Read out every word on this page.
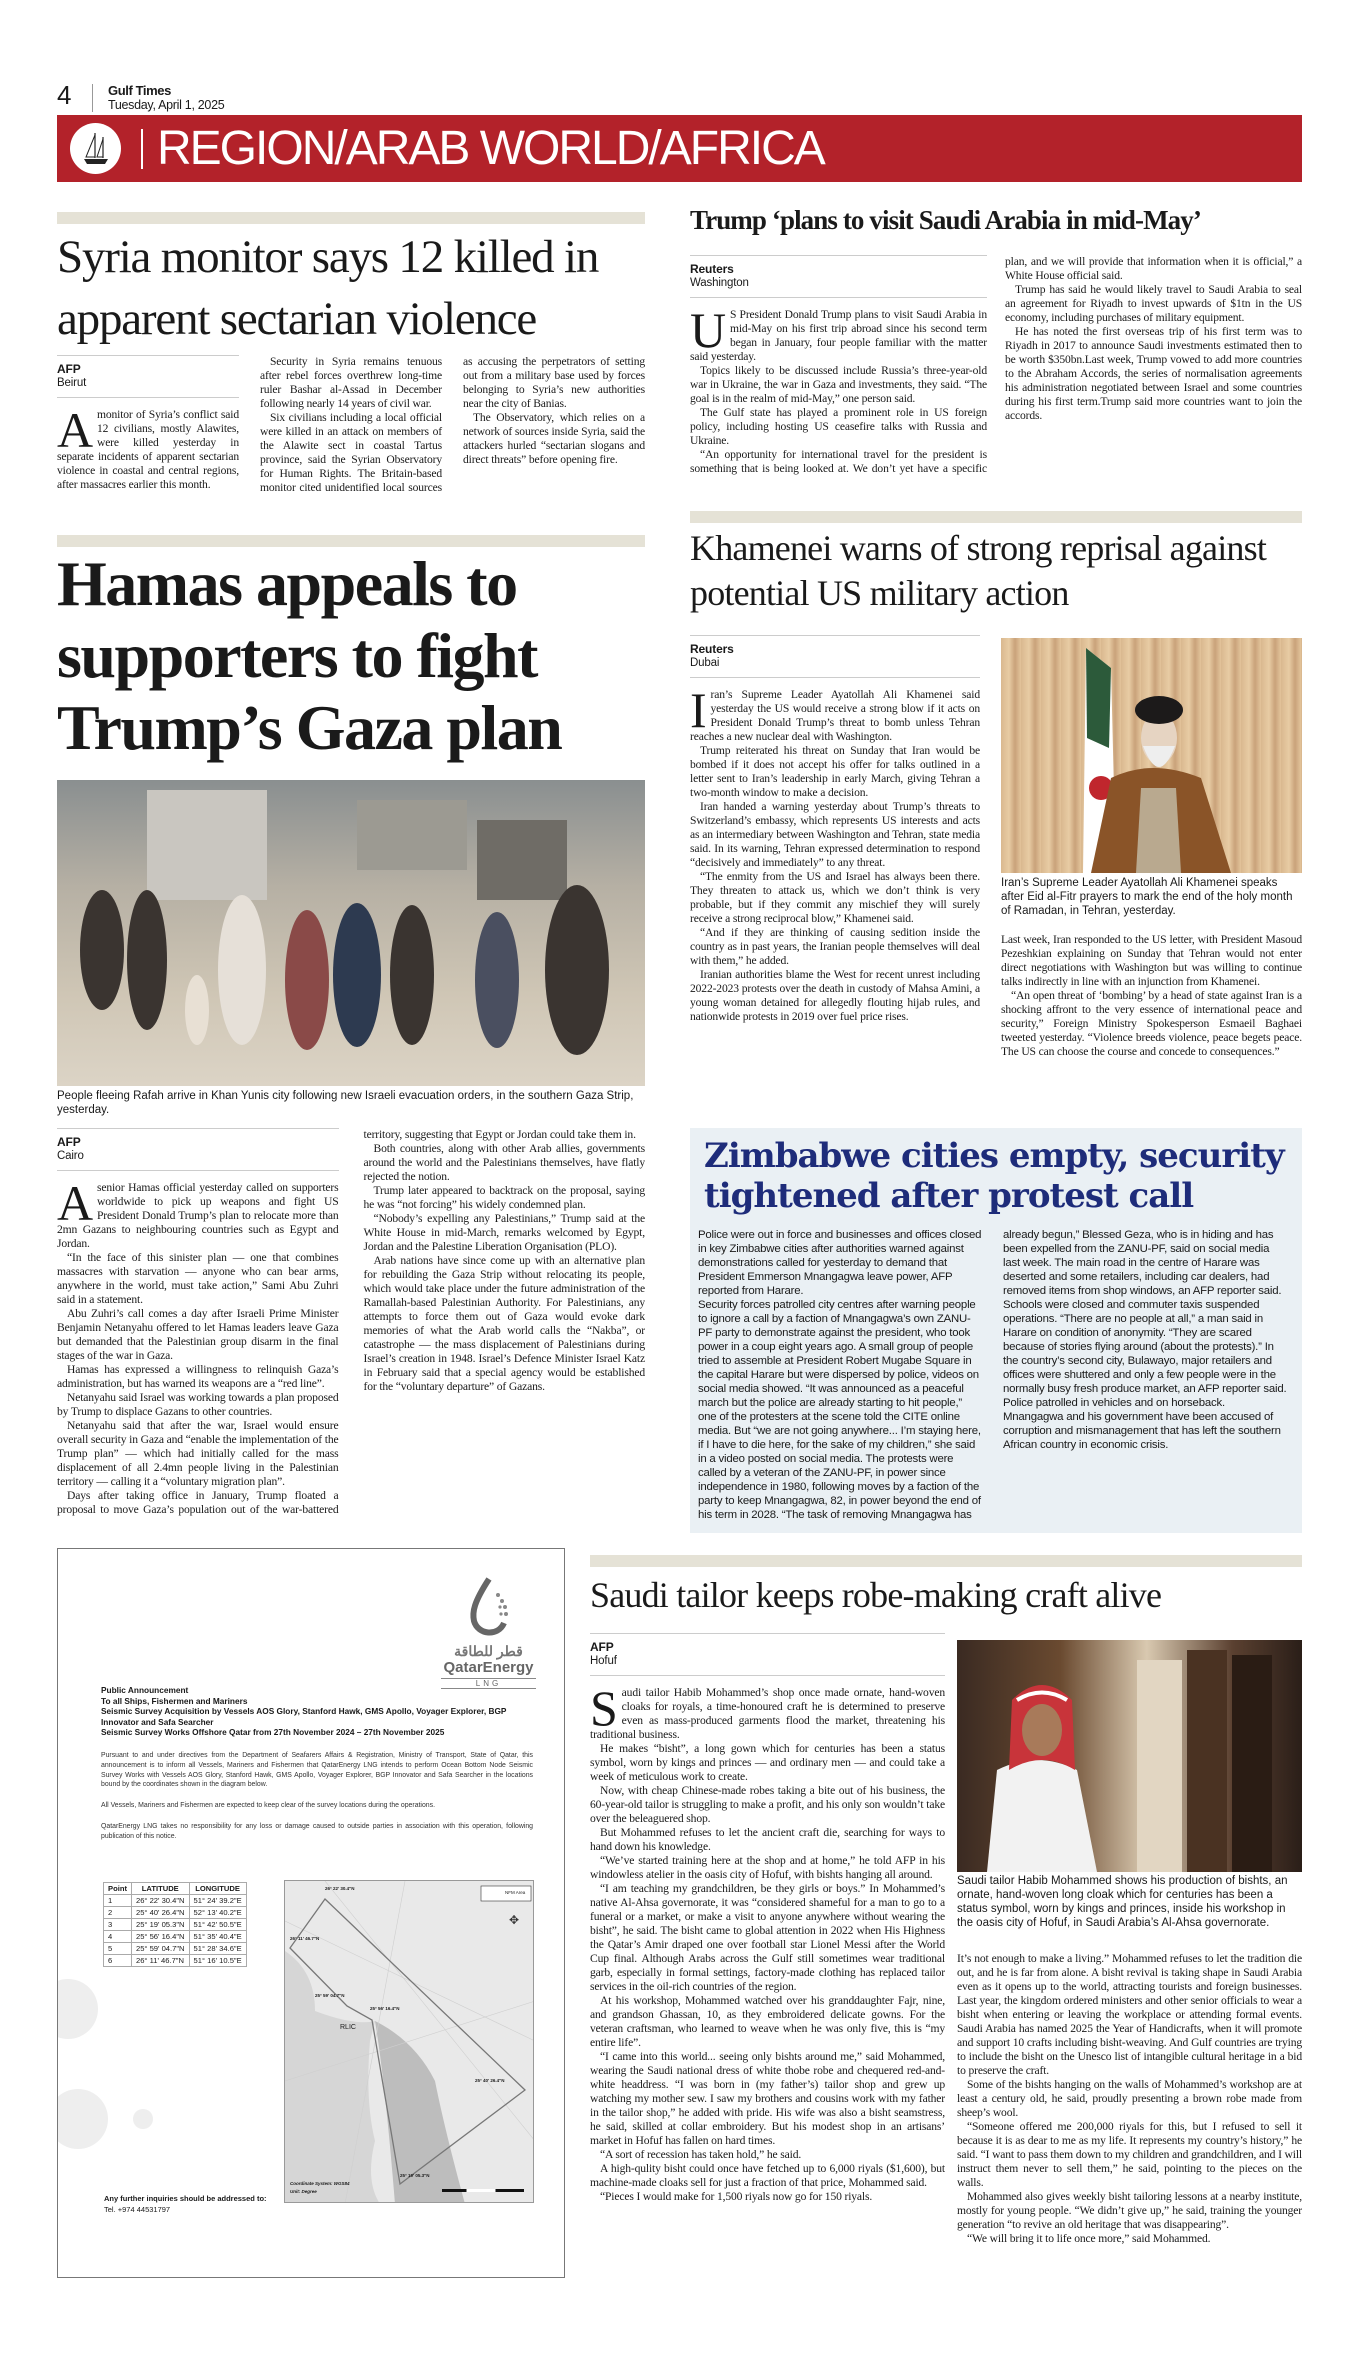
4	Gulf Times
Tuesday, April 1, 2025
REGION/ARAB WORLD/AFRICA
Syria monitor says 12 killed in apparent sectarian violence
AFP
Beirut

Amonitor of Syria’s conflict said 12 civilians, mostly Alawites, were killed yesterday in separate incidents of apparent sectarian violence in coastal and central regions, after massacres earlier this month.

Security in Syria remains tenuous after rebel forces overthrew long-time ruler Bashar al-Assad in December following nearly 14 years of civil war.

Six civilians including a local official were killed in an attack on members of the Alawite sect in coastal Tartus province, said the Syrian Observatory for Human Rights. The Britain-based monitor cited unidentified local sources as accusing the perpetrators of setting out from a military base used by forces belonging to Syria’s new authorities near the city of Banias.

The Observatory, which relies on a network of sources inside Syria, said the attackers hurled “sectarian slogans and direct threats” before opening fire.

Trump ‘plans to visit Saudi Arabia in mid-May’
Reuters
Washington

US President Donald Trump plans to visit Saudi Arabia in mid-May on his first trip abroad since his second term began in January, four people familiar with the matter said yesterday.

Topics likely to be discussed include Russia’s three-year-old war in Ukraine, the war in Gaza and investments, they said. “The goal is in the realm of mid-May,” one person said.

The Gulf state has played a prominent role in US foreign policy, including hosting US ceasefire talks with Russia and Ukraine.

“An opportunity for international travel for the president is something that is being looked at. We don’t yet have a specific plan, and we will provide that information when it is official,” a White House official said.

Trump has said he would likely travel to Saudi Arabia to seal an agreement for Riyadh to invest upwards of $1tn in the US economy, including purchases of military equipment.

He has noted the first overseas trip of his first term was to Riyadh in 2017 to announce Saudi investments estimated then to be worth $350bn.Last week, Trump vowed to add more countries to the Abraham Accords, the series of normalisation agreements his administration negotiated between Israel and some countries during his first term.Trump said more countries want to join the accords.

Hamas appeals to supporters to fight Trump’s Gaza plan
People fleeing Rafah arrive in Khan Yunis city following new Israeli evacuation orders, in the southern Gaza Strip, yesterday.
AFP
Cairo

Asenior Hamas official yesterday called on supporters worldwide to pick up weapons and fight US President Donald Trump’s plan to relocate more than 2mn Gazans to neighbouring countries such as Egypt and Jordan.

“In the face of this sinister plan — one that combines massacres with starvation — anyone who can bear arms, anywhere in the world, must take action,” Sami Abu Zuhri said in a statement.

Abu Zuhri’s call comes a day after Israeli Prime Minister Benjamin Netanyahu offered to let Hamas leaders leave Gaza but demanded that the Palestinian group disarm in the final stages of the war in Gaza.

Hamas has expressed a willingness to relinquish Gaza’s administration, but has warned its weapons are a “red line”.

Netanyahu said Israel was working towards a plan proposed by Trump to displace Gazans to other countries.

Netanyahu said that after the war, Israel would ensure overall security in Gaza and “enable the implementation of the Trump plan” — which had initially called for the mass displacement of all 2.4mn people living in the Palestinian territory — calling it a “voluntary migration plan”.

Days after taking office in January, Trump floated a proposal to move Gaza’s population out of the war-battered territory, suggesting that Egypt or Jordan could take them in.

Both countries, along with other Arab allies, governments around the world and the Palestinians themselves, have flatly rejected the notion.

Trump later appeared to backtrack on the proposal, saying he was “not forcing” his widely condemned plan.

“Nobody’s expelling any Palestinians,” Trump said at the White House in mid-March, remarks welcomed by Egypt, Jordan and the Palestine Liberation Organisation (PLO).

Arab nations have since come up with an alternative plan for rebuilding the Gaza Strip without relocating its people, which would take place under the future administration of the Ramallah-based Palestinian Authority. For Palestinians, any attempts to force them out of Gaza would evoke dark memories of what the Arab world calls the “Nakba”, or catastrophe — the mass displacement of Palestinians during Israel’s creation in 1948. Israel’s Defence Minister Israel Katz in February said that a special agency would be established for the “voluntary departure” of Gazans.

Khamenei warns of strong reprisal against potential US military action
Reuters
Dubai

Iran’s Supreme Leader Ayatollah Ali Khamenei said yesterday the US would receive a strong blow if it acts on President Donald Trump’s threat to bomb unless Tehran reaches a new nuclear deal with Washington.

Trump reiterated his threat on Sunday that Iran would be bombed if it does not accept his offer for talks outlined in a letter sent to Iran’s leadership in early March, giving Tehran a two-month window to make a decision.

Iran handed a warning yesterday about Trump’s threats to Switzerland’s embassy, which represents US interests and acts as an intermediary between Washington and Tehran, state media said. In its warning, Tehran expressed determination to respond “decisively and immediately” to any threat.

“The enmity from the US and Israel has always been there. They threaten to attack us, which we don’t think is very probable, but if they commit any mischief they will surely receive a strong reciprocal blow,” Khamenei said.

“And if they are thinking of causing sedition inside the country as in past years, the Iranian people themselves will deal with them,” he added.

Iranian authorities blame the West for recent unrest including 2022-2023 protests over the death in custody of Mahsa Amini, a young woman detained for allegedly flouting hijab rules, and nationwide protests in 2019 over fuel price rises.

Iran’s Supreme Leader Ayatollah Ali Khamenei speaks after Eid al-Fitr prayers to mark the end of the holy month of Ramadan, in Tehran, yesterday.

Last week, Iran responded to the US letter, with President Masoud Pezeshkian explaining on Sunday that Tehran would not enter direct negotiations with Washington but was willing to continue talks indirectly in line with an injunction from Khamenei.

“An open threat of ‘bombing’ by a head of state against Iran is a shocking affront to the very essence of international peace and security,” Foreign Ministry Spokesperson Esmaeil Baghaei tweeted yesterday. “Violence breeds violence, peace begets peace. The US can choose the course and concede to consequences.”

Zimbabwe cities empty, security tightened after protest call

Police were out in force and businesses and offices closed in key Zimbabwe cities after authorities warned against demonstrations called for yesterday to demand that President Emmerson Mnangagwa leave power, AFP reported from Harare.

Security forces patrolled city centres after warning people to ignore a call by a faction of Mnangagwa’s own ZANU-PF party to demonstrate against the president, who took power in a coup eight years ago. A small group of people tried to assemble at President Robert Mugabe Square in the capital Harare but were dispersed by police, videos on social media showed. “It was announced as a peaceful march but the police are already starting to hit people,” one of the protesters at the scene told the CITE online media. But “we are not going anywhere... I’m staying here, if I have to die here, for the sake of my children,” she said in a video posted on social media. The protests were called by a veteran of the ZANU-PF, in power since independence in 1980, following moves by a faction of the party to keep Mnangagwa, 82, in power beyond the end of his term in 2028. “The task of removing Mnangagwa has already begun,” Blessed Geza, who is in hiding and has been expelled from the ZANU-PF, said on social media last week. The main road in the centre of Harare was deserted and some retailers, including car dealers, had removed items from shop windows, an AFP reporter said. Schools were closed and commuter taxis suspended operations. “There are no people at all,” a man said in Harare on condition of anonymity. “They are scared because of stories flying around (about the protests).” In the country’s second city, Bulawayo, major retailers and offices were shuttered and only a few people were in the normally busy fresh produce market, an AFP reporter said. Police patrolled in vehicles and on horseback. Mnangagwa and his government have been accused of corruption and mismanagement that has left the southern African country in economic crisis.

قطر للطاقة
QatarEnergy
LNG
Public Announcement
To all Ships, Fishermen and Mariners
Seismic Survey Acquisition by Vessels AOS Glory, Stanford Hawk, GMS Apollo, Voyager Explorer, BGP Innovator and Safa Searcher
Seismic Survey Works Offshore Qatar from 27th November 2024 – 27th November 2025

Pursuant to and under directives from the Department of Seafarers Affairs & Registration, Ministry of Transport, State of Qatar, this announcement is to inform all Vessels, Mariners and Fishermen that QatarEnergy LNG intends to perform Ocean Bottom Node Seismic Survey Works with Vessels AOS Glory, Stanford Hawk, GMS Apollo, Voyager Explorer, BGP Innovator and Safa Searcher in the locations bound by the coordinates shown in the diagram below.

All Vessels, Mariners and Fishermen are expected to keep clear of the survey locations during the operations.

QatarEnergy LNG takes no responsibility for any loss or damage caused to outside parties in association with this operation, following publication of this notice.

Point	LATITUDE	LONGITUDE
1	26° 22' 30.4"N	51° 24' 39.2"E
2	25° 40' 26.4"N	52° 13' 40.2"E
3	25° 19' 05.3"N	51° 42' 50.5"E
4	25° 56' 16.4"N	51° 35' 40.4"E
5	25° 59' 04.7"N	51° 28' 34.6"E
6	26° 11' 46.7"N	51° 16' 10.5"E
NFM Area
✥
RLIC
26° 22' 30.4"N
25° 40' 26.4"N
25° 19' 05.3"N
25° 56' 16.4"N
25° 59' 04.7"N
26° 11' 46.7"N
Coordinate System: WGS84
Unit: Degree
Any further inquiries should be addressed to:
Tel. +974 44531797
Saudi tailor keeps robe-making craft alive
AFP
Hofuf

Saudi tailor Habib Mohammed’s shop once made ornate, hand-woven cloaks for royals, a time-honoured craft he is determined to preserve even as mass-produced garments flood the market, threatening his traditional business.

He makes “bisht”, a long gown which for centuries has been a status symbol, worn by kings and princes — and ordinary men — and could take a week of meticulous work to create.

Now, with cheap Chinese-made robes taking a bite out of his business, the 60-year-old tailor is struggling to make a profit, and his only son wouldn’t take over the beleaguered shop.

But Mohammed refuses to let the ancient craft die, searching for ways to hand down his knowledge.

“We’ve started training here at the shop and at home,” he told AFP in his windowless atelier in the oasis city of Hofuf, with bishts hanging all around.

“I am teaching my grandchildren, be they girls or boys.” In Mohammed’s native Al-Ahsa governorate, it was “considered shameful for a man to go to a funeral or a market, or make a visit to anyone anywhere without wearing the bisht”, he said. The bisht came to global attention in 2022 when His Highness the Qatar’s Amir draped one over football star Lionel Messi after the World Cup final. Although Arabs across the Gulf still sometimes wear traditional garb, especially in formal settings, factory-made clothing has replaced tailor services in the oil-rich countries of the region.

At his workshop, Mohammed watched over his granddaughter Fajr, nine, and grandson Ghassan, 10, as they embroidered delicate gowns. For the veteran craftsman, who learned to weave when he was only five, this is “my entire life”.

“I came into this world... seeing only bishts around me,” said Mohammed, wearing the Saudi national dress of white thobe robe and chequered red-and-white headdress. “I was born in (my father’s) tailor shop and grew up watching my mother sew. I saw my brothers and cousins work with my father in the tailor shop,” he added with pride. His wife was also a bisht seamstress, he said, skilled at collar embroidery. But his modest shop in an artisans’ market in Hofuf has fallen on hard times.

“A sort of recession has taken hold,” he said.

A high-qulity bisht could once have fetched up to 6,000 riyals ($1,600), but machine-made cloaks sell for just a fraction of that price, Mohammed said.

“Pieces I would make for 1,500 riyals now go for 150 riyals.

Saudi tailor Habib Mohammed shows his production of bishts, an ornate, hand-woven long cloak which for centuries has been a status symbol, worn by kings and princes, inside his workshop in the oasis city of Hofuf, in Saudi Arabia’s Al-Ahsa governorate.

It’s not enough to make a living.” Mohammed refuses to let the tradition die out, and he is far from alone. A bisht revival is taking shape in Saudi Arabia even as it opens up to the world, attracting tourists and foreign businesses. Last year, the kingdom ordered ministers and other senior officials to wear a bisht when entering or leaving the workplace or attending formal events. Saudi Arabia has named 2025 the Year of Handicrafts, when it will promote and support 10 crafts including bisht-weaving. And Gulf countries are trying to include the bisht on the Unesco list of intangible cultural heritage in a bid to preserve the craft.

Some of the bishts hanging on the walls of Mohammed’s workshop are at least a century old, he said, proudly presenting a brown robe made from sheep’s wool.

“Someone offered me 200,000 riyals for this, but I refused to sell it because it is as dear to me as my life. It represents my country’s history,” he said. “I want to pass them down to my children and grandchildren, and I will instruct them never to sell them,” he said, pointing to the pieces on the walls.

Mohammed also gives weekly bisht tailoring lessons at a nearby institute, mostly for young people. “We didn’t give up,” he said, training the younger generation “to revive an old heritage that was disappearing”.

“We will bring it to life once more,” said Mohammed.
